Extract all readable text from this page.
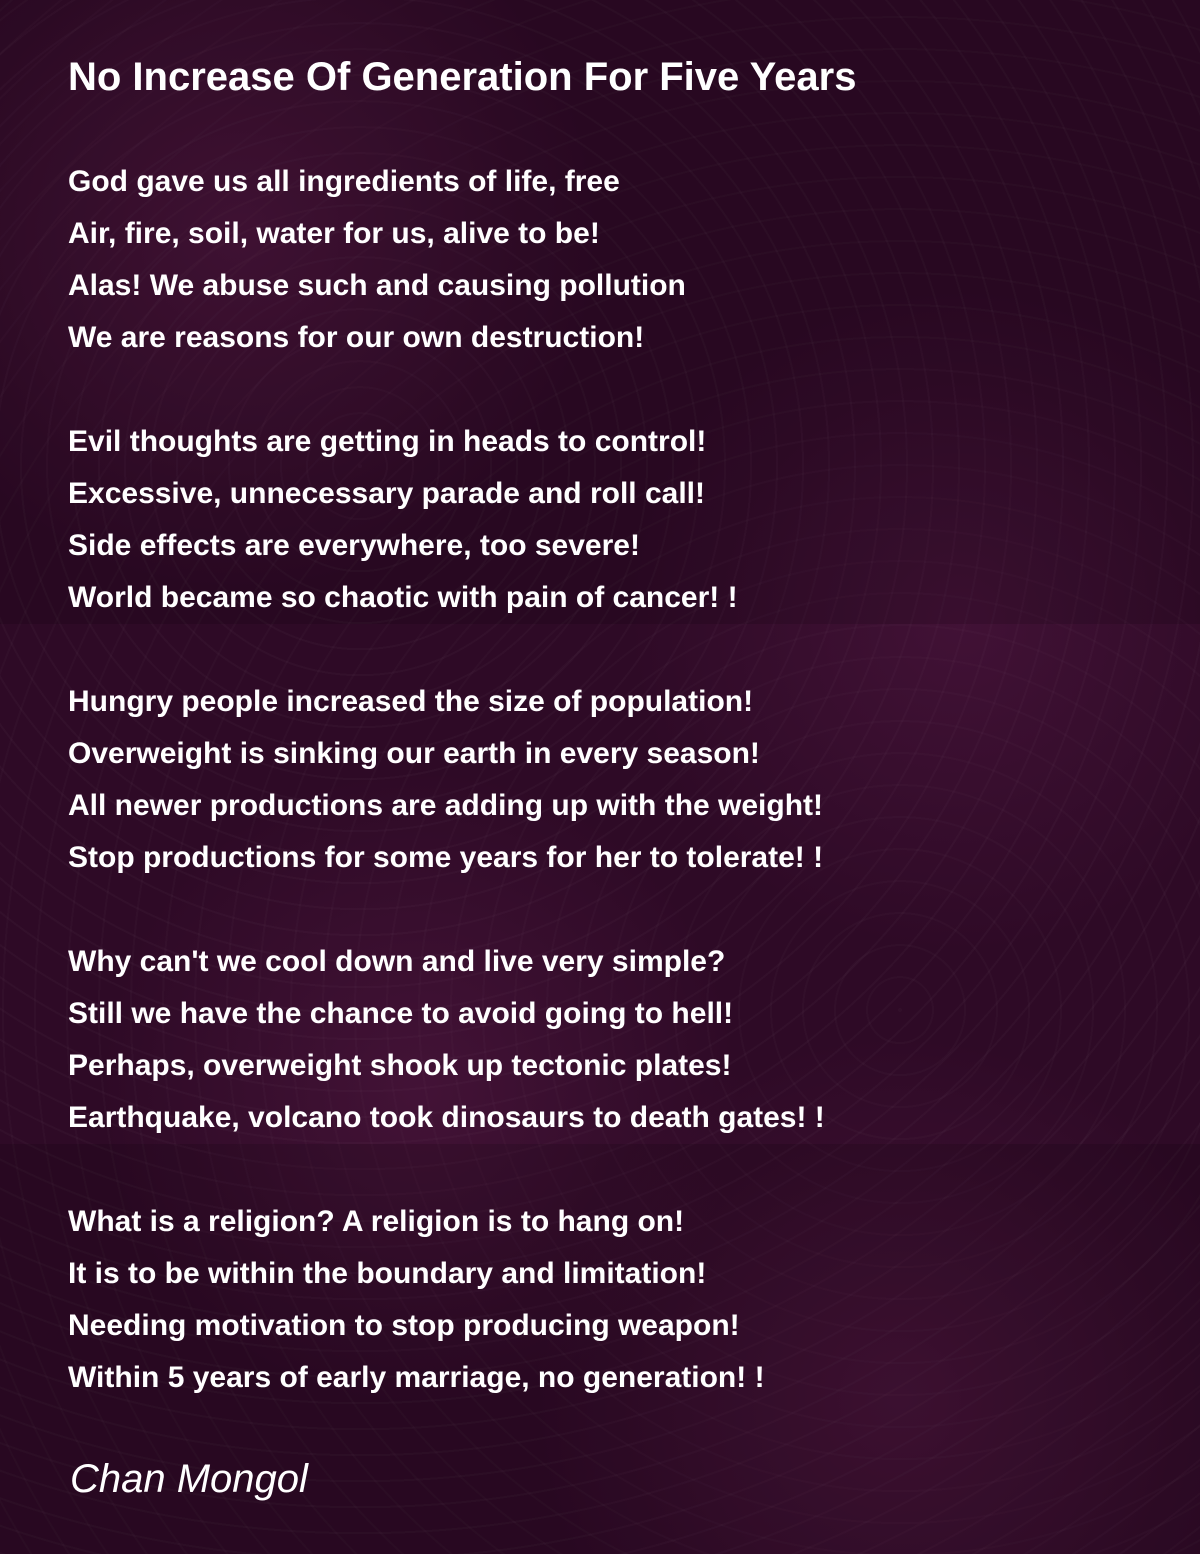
No Increase Of Generation For Five Years
God gave us all ingredients of life, free
Air, fire, soil, water for us, alive to be!
Alas! We abuse such and causing pollution
We are reasons for our own destruction!
Evil thoughts are getting in heads to control!
Excessive, unnecessary parade and roll call!
Side effects are everywhere, too severe!
World became so chaotic with pain of cancer! !
Hungry people increased the size of population!
Overweight is sinking our earth in every season!
All newer productions are adding up with the weight!
Stop productions for some years for her to tolerate! !
Why can't we cool down and live very simple?
Still we have the chance to avoid going to hell!
Perhaps, overweight shook up tectonic plates!
Earthquake, volcano took dinosaurs to death gates! !
What is a religion? A religion is to hang on!
It is to be within the boundary and limitation!
Needing motivation to stop producing weapon!
Within 5 years of early marriage, no generation! !
Chan Mongol
